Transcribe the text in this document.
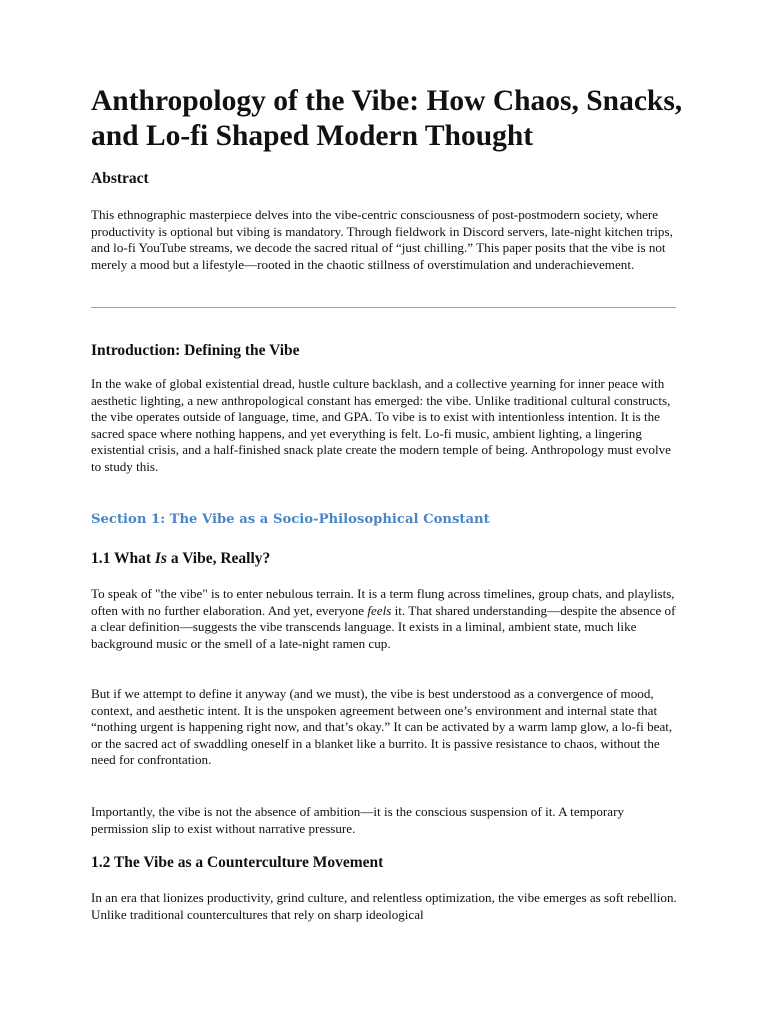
Anthropology of the Vibe: How Chaos, Snacks, and Lo-fi Shaped Modern Thought
Abstract

This ethnographic masterpiece delves into the vibe-centric consciousness of post-postmodern society, where productivity is optional but vibing is mandatory. Through fieldwork in Discord servers, late-night kitchen trips, and lo-fi YouTube streams, we decode the sacred ritual of “just chilling.” This paper posits that the vibe is not merely a mood but a lifestyle—rooted in the chaotic stillness of overstimulation and underachievement.

Introduction: Defining the Vibe

In the wake of global existential dread, hustle culture backlash, and a collective yearning for inner peace with aesthetic lighting, a new anthropological constant has emerged: the vibe. Unlike traditional cultural constructs, the vibe operates outside of language, time, and GPA. To vibe is to exist with intentionless intention. It is the sacred space where nothing happens, and yet everything is felt. Lo-fi music, ambient lighting, a lingering existential crisis, and a half-finished snack plate create the modern temple of being. Anthropology must evolve to study this.

Section 1: The Vibe as a Socio-Philosophical Constant
1.1 What Is a Vibe, Really?

To speak of "the vibe" is to enter nebulous terrain. It is a term flung across timelines, group chats, and playlists, often with no further elaboration. And yet, everyone feels it. That shared understanding—despite the absence of a clear definition—suggests the vibe transcends language. It exists in a liminal, ambient state, much like background music or the smell of a late-night ramen cup.

But if we attempt to define it anyway (and we must), the vibe is best understood as a convergence of mood, context, and aesthetic intent. It is the unspoken agreement between one’s environment and internal state that “nothing urgent is happening right now, and that’s okay.” It can be activated by a warm lamp glow, a lo-fi beat, or the sacred act of swaddling oneself in a blanket like a burrito. It is passive resistance to chaos, without the need for confrontation.

Importantly, the vibe is not the absence of ambition—it is the conscious suspension of it. A temporary permission slip to exist without narrative pressure.

1.2 The Vibe as a Counterculture Movement

In an era that lionizes productivity, grind culture, and relentless optimization, the vibe emerges as soft rebellion. Unlike traditional countercultures that rely on sharp ideological
